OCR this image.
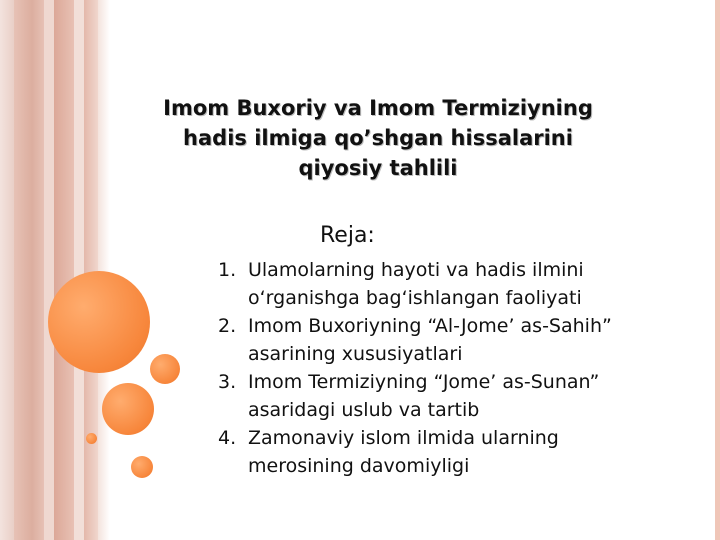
Imom Buxoriy va Imom Termiziyning
hadis ilmiga qo’shgan hissalarini
qiyosiy tahlili

Reja:

1. Ulamolarning hayoti va hadis ilmini
o‘rganishga bag‘ishlangan faoliyati
2. Imom Buxoriyning “Al-Jome’ as-Sahih”
asarining xususiyatlari
3. Imom Termiziyning “Jome’ as-Sunan”
asaridagi uslub va tartib
4. Zamonaviy islom ilmida ularning
merosining davomiyligi
